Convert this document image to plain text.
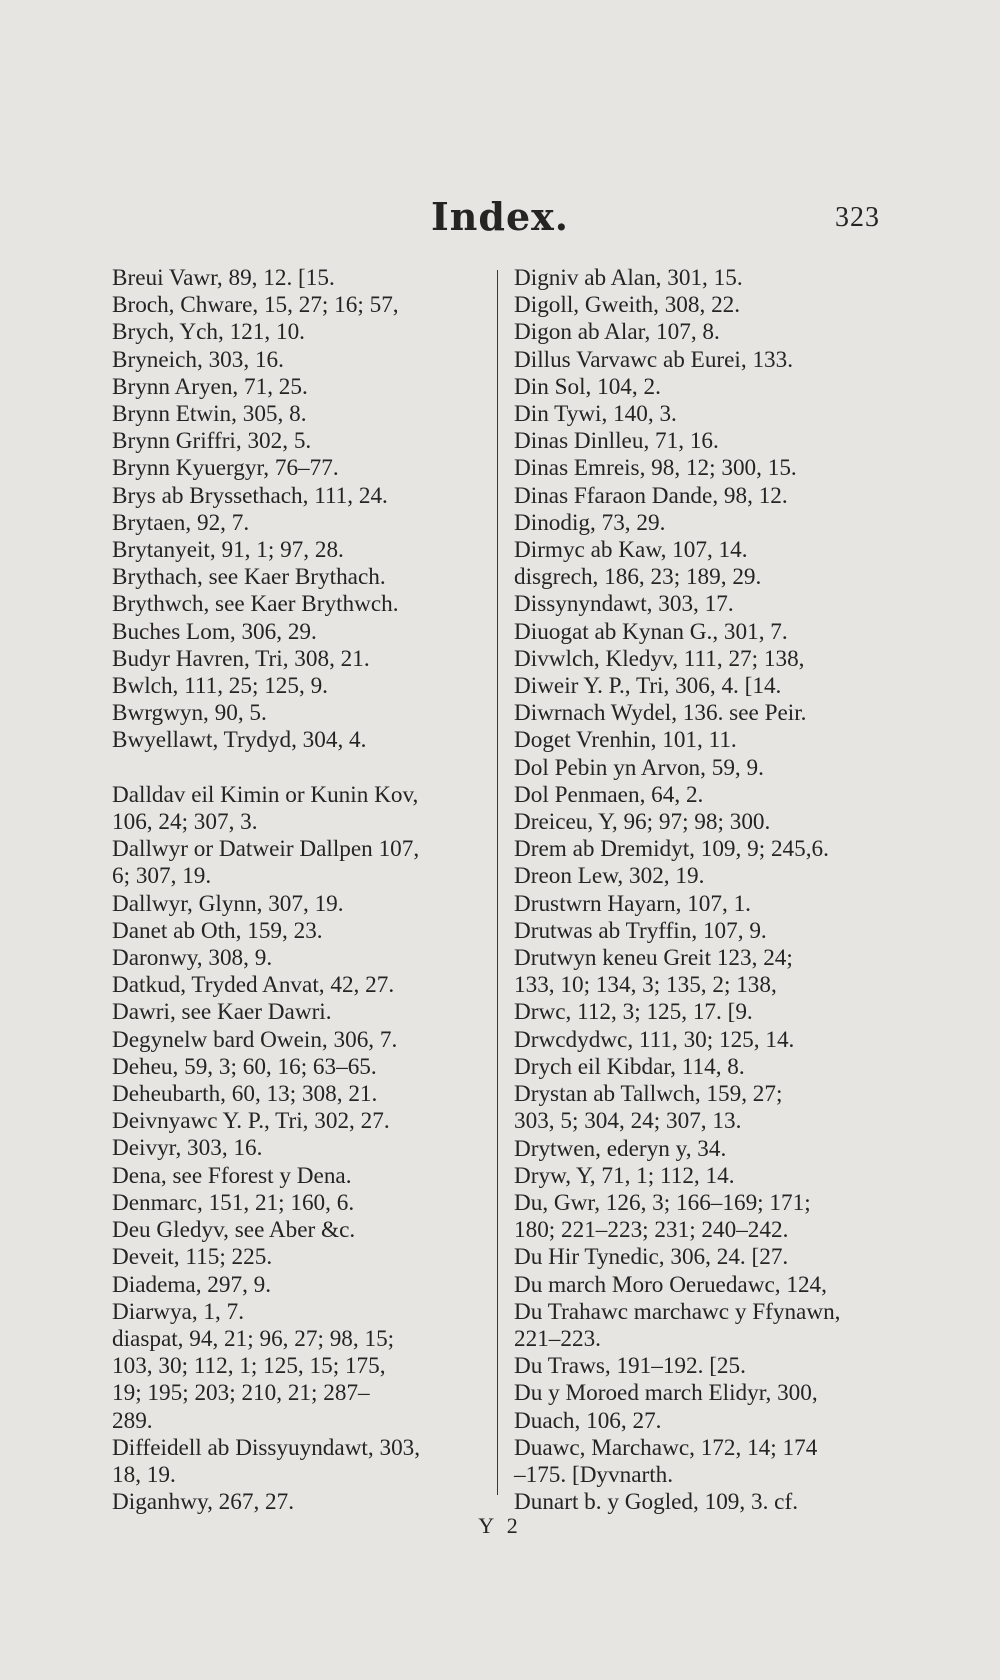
Index.	323
Breui Vawr, 89, 12. [15.
Broch, Chware, 15, 27; 16; 57,
Brych, Ych, 121, 10.
Bryneich, 303, 16.
Brynn Aryen, 71, 25.
Brynn Etwin, 305, 8.
Brynn Griffri, 302, 5.
Brynn Kyuergyr, 76–77.
Brys ab Bryssethach, 111, 24.
Brytaen, 92, 7.
Brytanyeit, 91, 1; 97, 28.
Brythach, see Kaer Brythach.
Brythwch, see Kaer Brythwch.
Buches Lom, 306, 29.
Budyr Havren, Tri, 308, 21.
Bwlch, 111, 25; 125, 9.
Bwrgwyn, 90, 5.
Bwyellawt, Trydyd, 304, 4.
Dalldav eil Kimin or Kunin Kov,
106, 24; 307, 3.
Dallwyr or Datweir Dallpen 107,
6; 307, 19.
Dallwyr, Glynn, 307, 19.
Danet ab Oth, 159, 23.
Daronwy, 308, 9.
Datkud, Tryded Anvat, 42, 27.
Dawri, see Kaer Dawri.
Degynelw bard Owein, 306, 7.
Deheu, 59, 3; 60, 16; 63–65.
Deheubarth, 60, 13; 308, 21.
Deivnyawc Y. P., Tri, 302, 27.
Deivyr, 303, 16.
Dena, see Fforest y Dena.
Denmarc, 151, 21; 160, 6.
Deu Gledyv, see Aber &c.
Deveit, 115; 225.
Diadema, 297, 9.
Diarwya, 1, 7.
diaspat, 94, 21; 96, 27; 98, 15;
103, 30; 112, 1; 125, 15; 175,
19; 195; 203; 210, 21; 287–
289.
Diffeidell ab Dissyuyndawt, 303,
18, 19.
Diganhwy, 267, 27.
Digniv ab Alan, 301, 15.
Digoll, Gweith, 308, 22.
Digon ab Alar, 107, 8.
Dillus Varvawc ab Eurei, 133.
Din Sol, 104, 2.
Din Tywi, 140, 3.
Dinas Dinlleu, 71, 16.
Dinas Emreis, 98, 12; 300, 15.
Dinas Ffaraon Dande, 98, 12.
Dinodig, 73, 29.
Dirmyc ab Kaw, 107, 14.
disgrech, 186, 23; 189, 29.
Dissynyndawt, 303, 17.
Diuogat ab Kynan G., 301, 7.
Divwlch, Kledyv, 111, 27; 138,
Diweir Y. P., Tri, 306, 4. [14.
Diwrnach Wydel, 136. see Peir.
Doget Vrenhin, 101, 11.
Dol Pebin yn Arvon, 59, 9.
Dol Penmaen, 64, 2.
Dreiceu, Y, 96; 97; 98; 300.
Drem ab Dremidyt, 109, 9; 245,6.
Dreon Lew, 302, 19.
Drustwrn Hayarn, 107, 1.
Drutwas ab Tryffin, 107, 9.
Drutwyn keneu Greit 123, 24;
133, 10; 134, 3; 135, 2; 138,
Drwc, 112, 3; 125, 17. [9.
Drwcdydwc, 111, 30; 125, 14.
Drych eil Kibdar, 114, 8.
Drystan ab Tallwch, 159, 27;
303, 5; 304, 24; 307, 13.
Drytwen, ederyn y, 34.
Dryw, Y, 71, 1; 112, 14.
Du, Gwr, 126, 3; 166–169; 171;
180; 221–223; 231; 240–242.
Du Hir Tynedic, 306, 24. [27.
Du march Moro Oeruedawc, 124,
Du Trahawc marchawc y Ffynawn,
221–223.
Du Traws, 191–192. [25.
Du y Moroed march Elidyr, 300,
Duach, 106, 27.
Duawc, Marchawc, 172, 14; 174
–175. [Dyvnarth.
Dunart b. y Gogled, 109, 3. cf.
Y 2
